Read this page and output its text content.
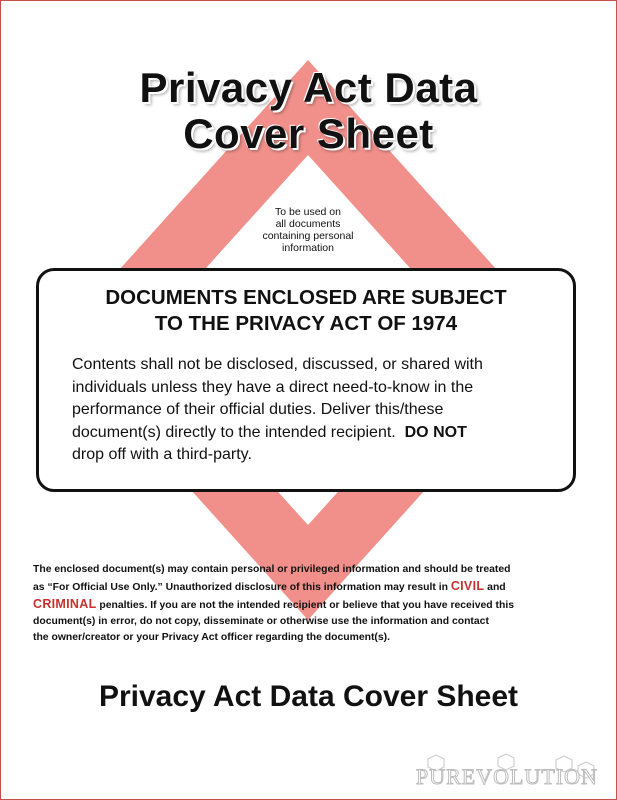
Privacy Act Data
Cover Sheet
To be used on
all documents
containing personal
information
DOCUMENTS ENCLOSED ARE SUBJECT
TO THE PRIVACY ACT OF 1974
Contents shall not be disclosed, discussed, or shared with
individuals unless they have a direct need-to-know in the
performance of their official duties. Deliver this/these
document(s) directly to the intended recipient. DO NOT
drop off with a third-party.
The enclosed document(s) may contain personal or privileged information and should be treated
as “For Official Use Only.” Unauthorized disclosure of this information may result in CIVIL and
CRIMINAL penalties. If you are not the intended recipient or believe that you have received this
document(s) in error, do not copy, disseminate or otherwise use the information and contact
the owner/creator or your Privacy Act officer regarding the document(s).
Privacy Act Data Cover Sheet
PUREVOLUTION
